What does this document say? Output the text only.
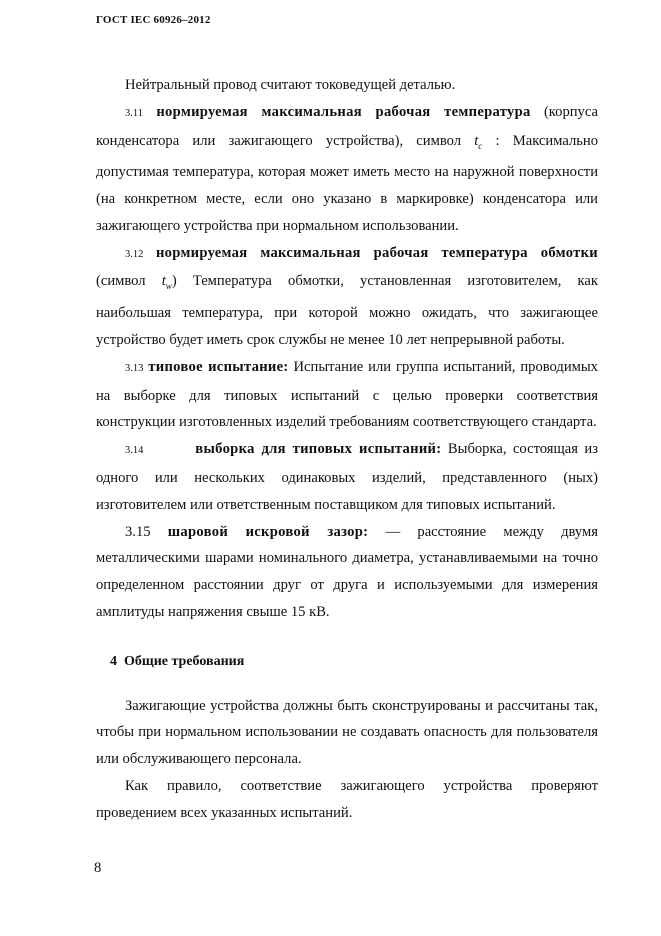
ГОСТ IEC 60926–2012

Нейтральный провод считают токоведущей деталью.

3.11 нормируемая максимальная рабочая температура (корпуса конденсатора или зажигающего устройства), символ $t_c$ : Максимально допустимая температура, которая может иметь место на наружной поверхности (на конкретном месте, если оно указано в маркировке) конденсатора или зажигающего устройства при нормальном использовании.

3.12 нормируемая максимальная рабочая температура обмотки (символ $t_w$) Температура обмотки, установленная изготовителем, как наибольшая температура, при которой можно ожидать, что зажигающее устройство будет иметь срок службы не менее 10 лет непрерывной работы.

3.13 типовое испытание: Испытание или группа испытаний, проводимых на выборке для типовых испытаний с целью проверки соответствия конструкции изготовленных изделий требованиям соответствующего стандарта.

3.14	выборка для типовых испытаний: Выборка, состоящая из одного или нескольких одинаковых изделий, представленного (ных) изготовителем или ответственным поставщиком для типовых испытаний.

3.15 шаровой искровой зазор: — расстояние между двумя металлическими шарами номинального диаметра, устанавливаемыми на точно определенном расстоянии друг от друга и используемыми для измерения амплитуды напряжения свыше 15 кВ.

4 Общие требования

Зажигающие устройства должны быть сконструированы и рассчитаны так, чтобы при нормальном использовании не создавать опасность для пользователя или обслуживающего персонала.

Как правило, соответствие зажигающего устройства проверяют проведением всех указанных испытаний.

8
